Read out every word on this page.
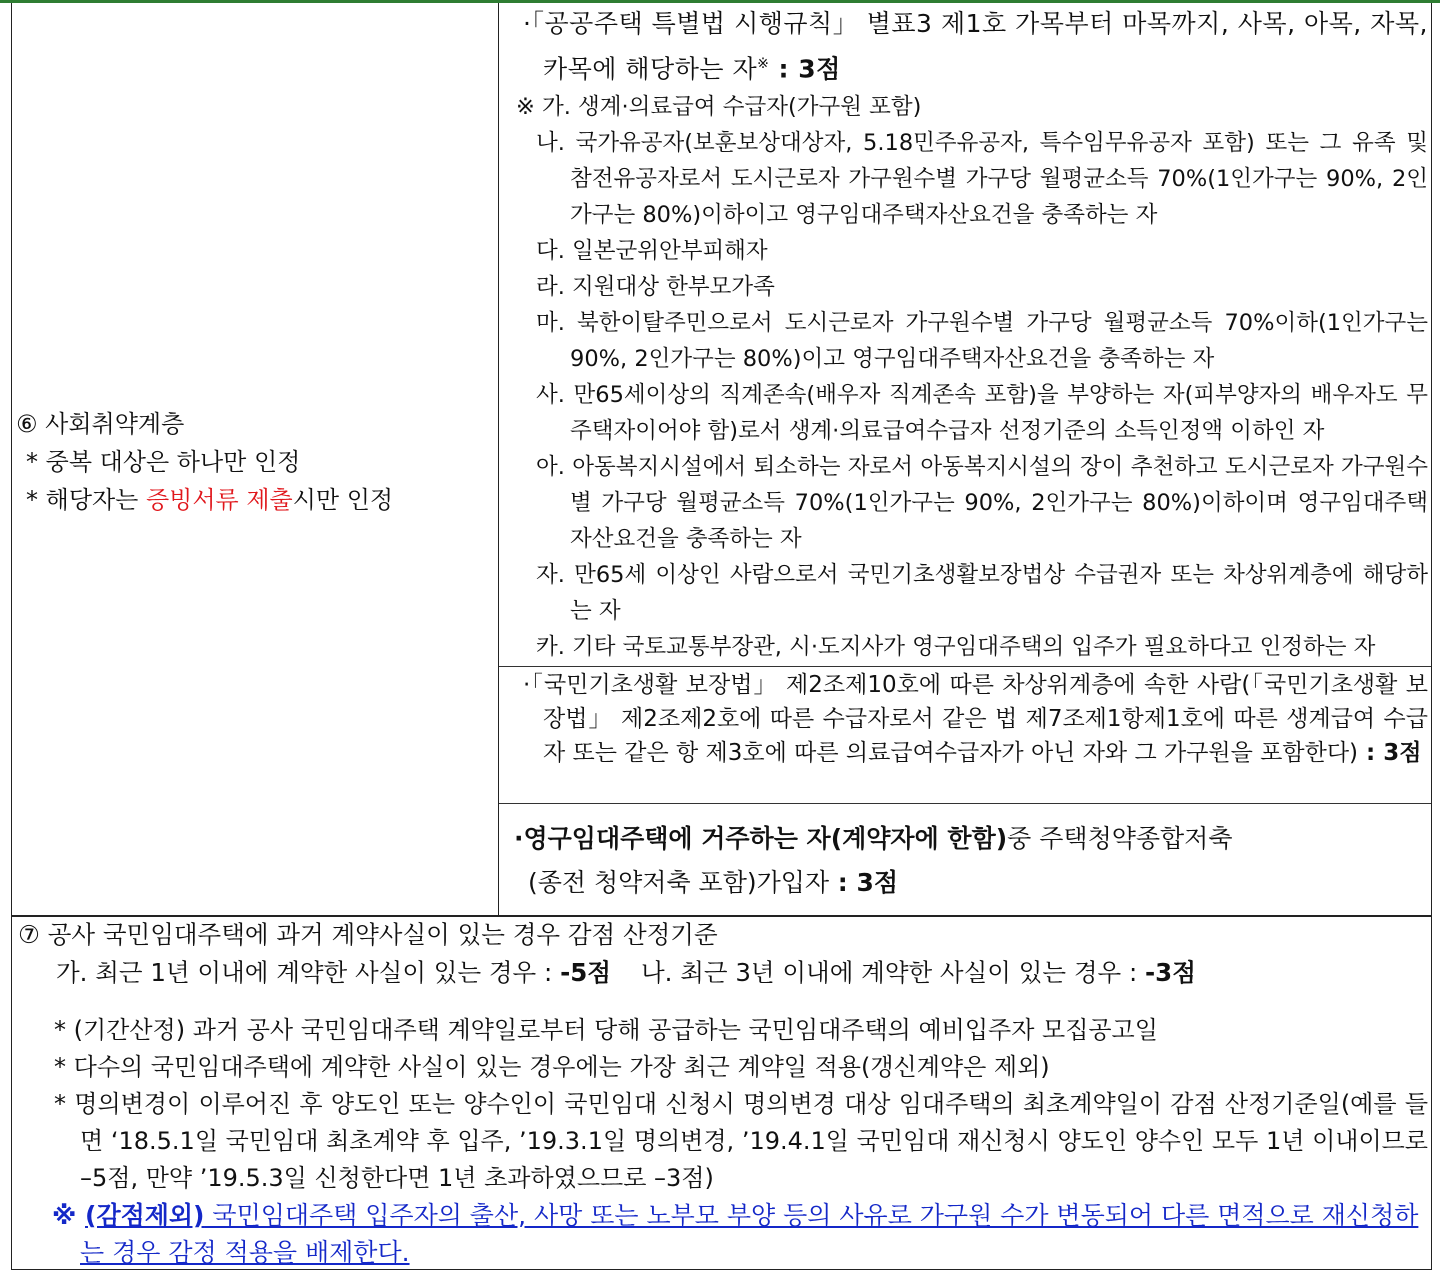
⑥ 사회취약계층
* 중복 대상은 하나만 인정
* 해당자는 증빙서류 제출시만 인정
·「공공주택 특별법 시행규칙」 별표3 제1호 가목부터 마목까지, 사목, 아목, 자목, 카목에 해당하는 자※ : 3점
※ 가. 생계·의료급여 수급자(가구원 포함)
나. 국가유공자(보훈보상대상자, 5.18민주유공자, 특수임무유공자 포함) 또는 그 유족 및 참전유공자로서 도시근로자 가구원수별 가구당 월평균소득 70%(1인가구는 90%, 2인가구는 80%)이하이고 영구임대주택자산요건을 충족하는 자
다. 일본군위안부피해자
라. 지원대상 한부모가족
마. 북한이탈주민으로서 도시근로자 가구원수별 가구당 월평균소득 70%이하(1인가구는 90%, 2인가구는 80%)이고 영구임대주택자산요건을 충족하는 자
사. 만65세이상의 직계존속(배우자 직계존속 포함)을 부양하는 자(피부양자의 배우자도 무주택자이어야 함)로서 생계·의료급여수급자 선정기준의 소득인정액 이하인 자
아. 아동복지시설에서 퇴소하는 자로서 아동복지시설의 장이 추천하고 도시근로자 가구원수별 가구당 월평균소득 70%(1인가구는 90%, 2인가구는 80%)이하이며 영구임대주택자산요건을 충족하는 자
자. 만65세 이상인 사람으로서 국민기초생활보장법상 수급권자 또는 차상위계층에 해당하는 자
카. 기타 국토교통부장관, 시·도지사가 영구임대주택의 입주가 필요하다고 인정하는 자
·「국민기초생활 보장법」 제2조제10호에 따른 차상위계층에 속한 사람(「국민기초생활 보장법」 제2조제2호에 따른 수급자로서 같은 법 제7조제1항제1호에 따른 생계급여 수급자 또는 같은 항 제3호에 따른 의료급여수급자가 아닌 자와 그 가구원을 포함한다) : 3점
·영구임대주택에 거주하는 자(계약자에 한함)중 주택청약종합저축
(종전 청약저축 포함)가입자 : 3점
⑦ 공사 국민임대주택에 과거 계약사실이 있는 경우 감점 산정기준
가. 최근 1년 이내에 계약한 사실이 있는 경우 : -5점 나. 최근 3년 이내에 계약한 사실이 있는 경우 : -3점
* (기간산정) 과거 공사 국민임대주택 계약일로부터 당해 공급하는 국민임대주택의 예비입주자 모집공고일
* 다수의 국민임대주택에 계약한 사실이 있는 경우에는 가장 최근 계약일 적용(갱신계약은 제외)
* 명의변경이 이루어진 후 양도인 또는 양수인이 국민임대 신청시 명의변경 대상 임대주택의 최초계약일이 감점 산정기준일(예를 들면 ‘18.5.1일 국민임대 최초계약 후 입주, ’19.3.1일 명의변경, ’19.4.1일 국민임대 재신청시 양도인 양수인 모두 1년 이내이므로 –5점, 만약 ’19.5.3일 신청한다면 1년 초과하였으므로 –3점)
※ (감점제외) 국민임대주택 입주자의 출산, 사망 또는 노부모 부양 등의 사유로 가구원 수가 변동되어 다른 면적으로 재신청하는 경우 감정 적용을 배제한다.
